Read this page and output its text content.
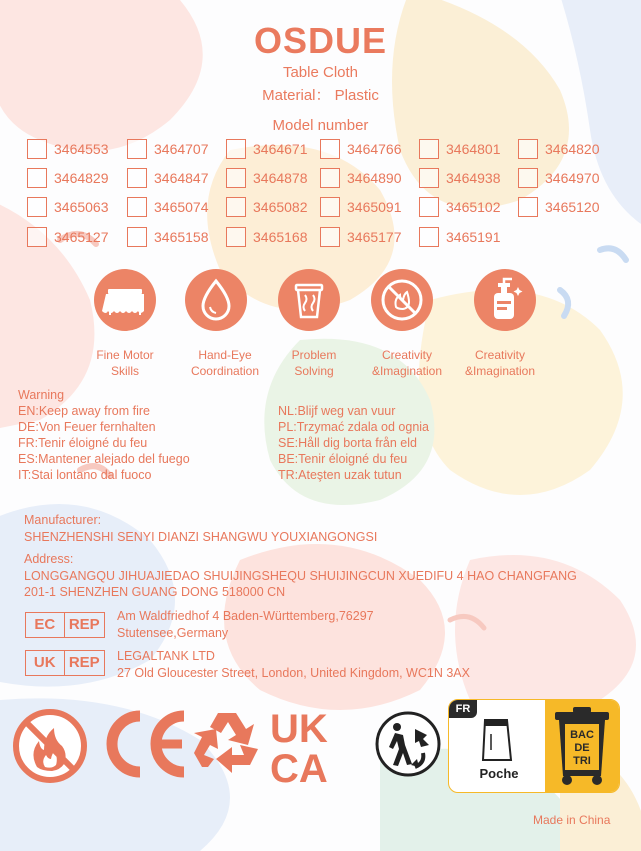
OSDUE
Table Cloth
Material： Plastic
Model number
3464553	3464707	3464671	3464766	3464801	3464820
3464829	3464847	3464878	3464890	3464938	3464970
3465063	3465074	3465082	3465091	3465102	3465120
3465127	3465158	3465168	3465177	3465191
Fine Motor
Skills
Hand-Eye
Coordination
Problem
Solving
Creativity
&Imagination
Creativity
&Imagination
Warning
EN:Keep away from fire
DE:Von Feuer fernhalten
FR:Tenir éloigné du feu
ES:Mantener alejado del fuego
IT:Stai lontano dal fuoco
NL:Blijf weg van vuur
PL:Trzymać zdala od ognia
SE:Håll dig borta från eld
BE:Tenir éloigné du feu
TR:Ateşten uzak tutun
Manufacturer:
SHENZHENSHI SENYI DIANZI SHANGWU YOUXIANGONGSI
Address:
LONGGANGQU JIHUAJIEDAO SHUIJINGSHEQU SHUIJINGCUN XUEDIFU 4 HAO CHANGFANG
201-1 SHENZHEN GUANG DONG 518000 CN
EC REP	Am Waldfriedhof 4 Baden-Württemberg,76297
Stutensee,Germany
UK REP	LEGALTANK LTD
27 Old Gloucester Street, London, United Kingdom, WC1N 3AX
UK
CA
FR
Poche
BAC
DE
TRI
Made in China
